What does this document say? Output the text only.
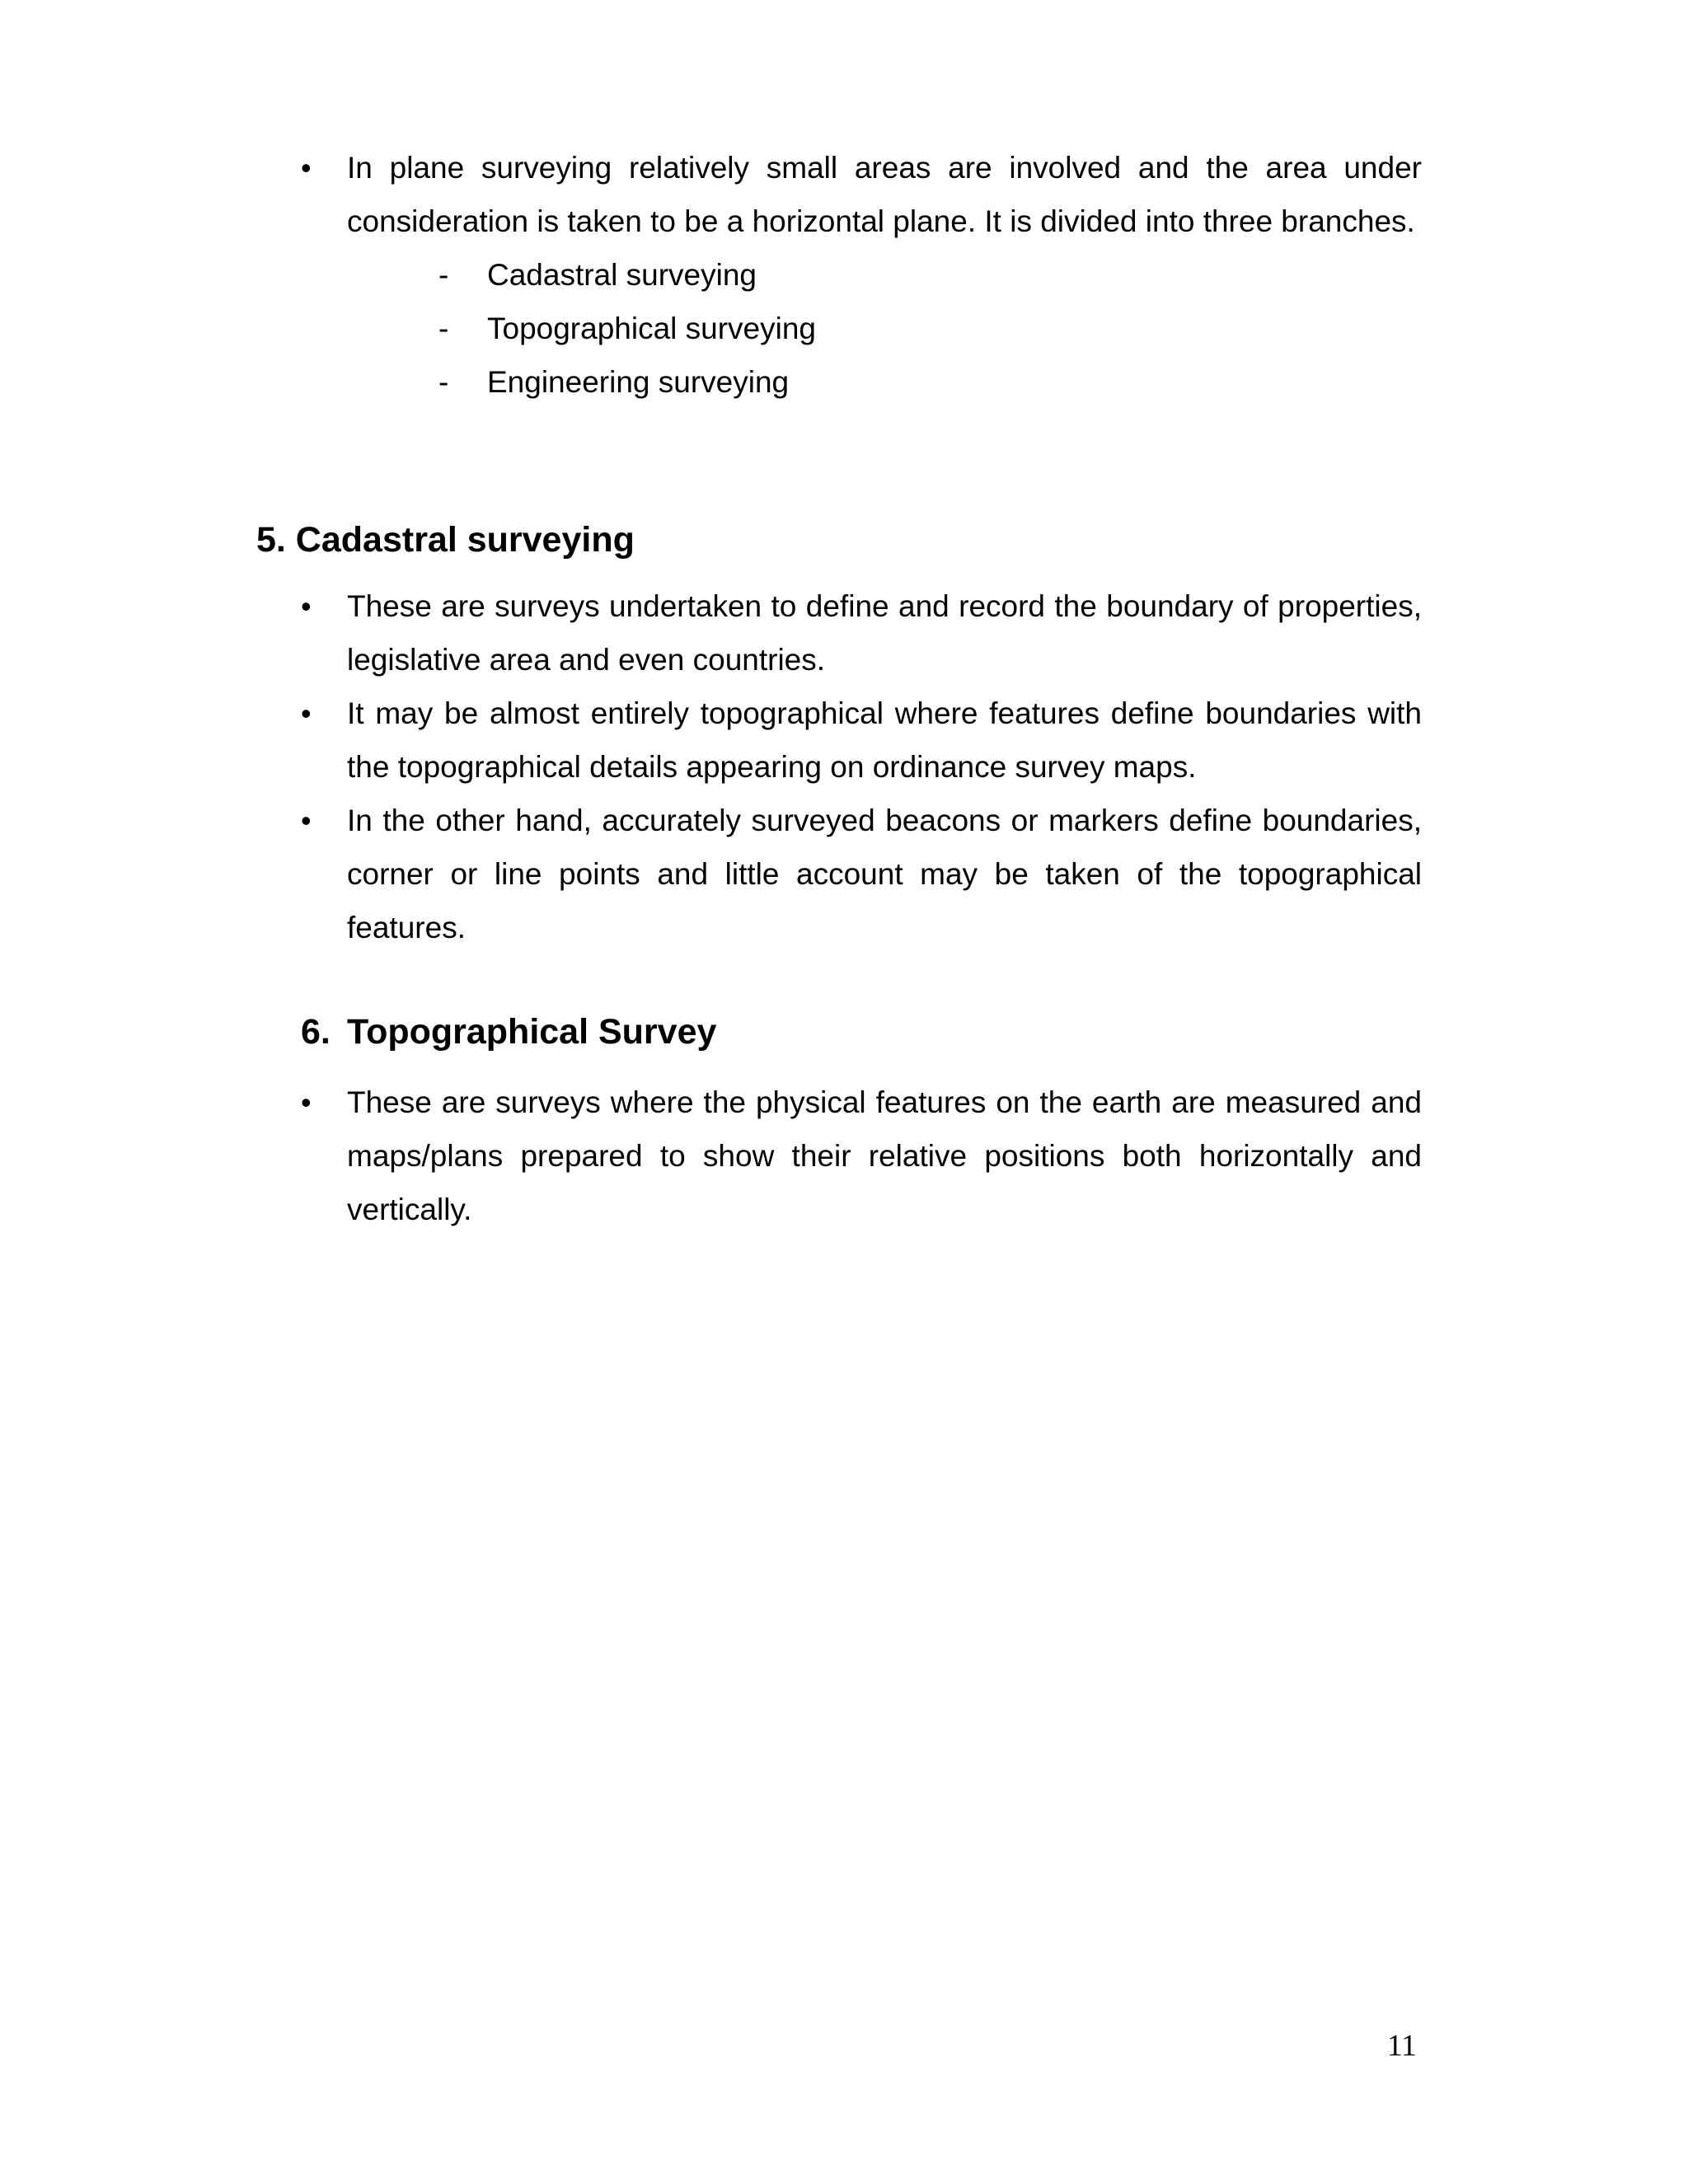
•	In plane surveying relatively small areas are involved and the area under consideration is taken to be a horizontal plane. It is divided into three branches.
- Cadastral surveying
- Topographical surveying
- Engineering surveying
5. Cadastral surveying
•	These are surveys undertaken to define and record the boundary of properties, legislative area and even countries.
•	It may be almost entirely topographical where features define boundaries with the topographical details appearing on ordinance survey maps.
•	In the other hand, accurately surveyed beacons or markers define boundaries, corner or line points and little account may be taken of the topographical features.
6. Topographical Survey
•	These are surveys where the physical features on the earth are measured and maps/plans prepared to show their relative positions both horizontally and vertically.
11
